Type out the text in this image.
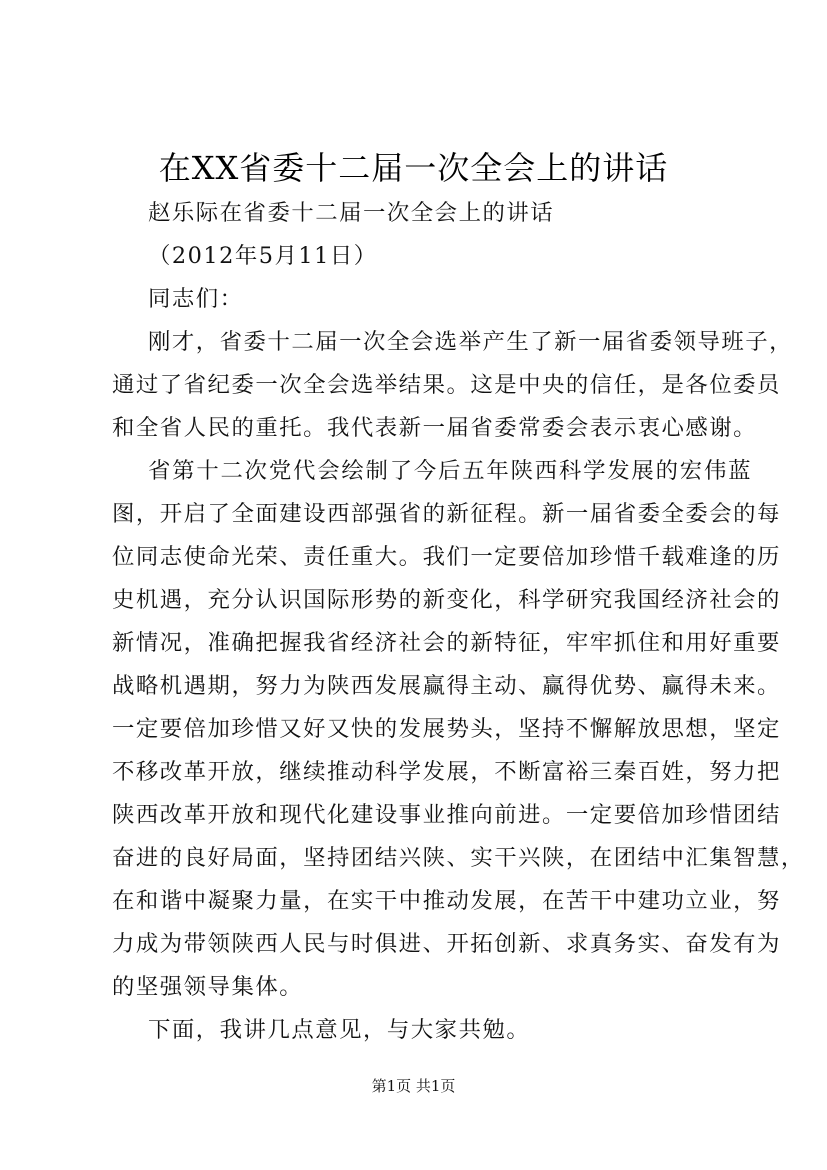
在XX省委十二届一次全会上的讲话
赵乐际在省委十二届一次全会上的讲话
（2012年5月11日）
同志们：
刚才，省委十二届一次全会选举产生了新一届省委领导班子，
通过了省纪委一次全会选举结果。这是中央的信任，是各位委员
和全省人民的重托。我代表新一届省委常委会表示衷心感谢。
省第十二次党代会绘制了今后五年陕西科学发展的宏伟蓝
图，开启了全面建设西部强省的新征程。新一届省委全委会的每
位同志使命光荣、责任重大。我们一定要倍加珍惜千载难逢的历
史机遇，充分认识国际形势的新变化，科学研究我国经济社会的
新情况，准确把握我省经济社会的新特征，牢牢抓住和用好重要
战略机遇期，努力为陕西发展赢得主动、赢得优势、赢得未来。
一定要倍加珍惜又好又快的发展势头，坚持不懈解放思想，坚定
不移改革开放，继续推动科学发展，不断富裕三秦百姓，努力把
陕西改革开放和现代化建设事业推向前进。一定要倍加珍惜团结
奋进的良好局面，坚持团结兴陕、实干兴陕，在团结中汇集智慧，
在和谐中凝聚力量，在实干中推动发展，在苦干中建功立业，努
力成为带领陕西人民与时俱进、开拓创新、求真务实、奋发有为
的坚强领导集体。
下面，我讲几点意见，与大家共勉。
第1页 共1页
